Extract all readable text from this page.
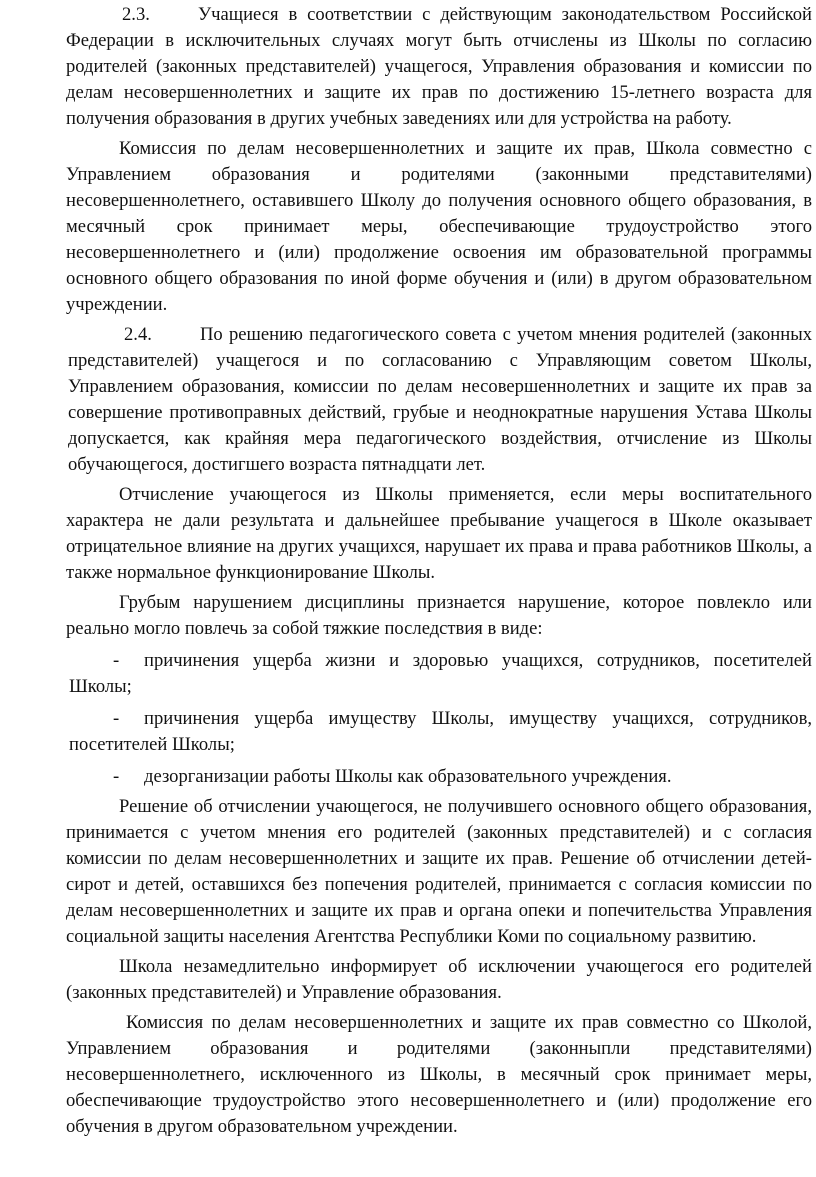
2.3.	Учащиеся в соответствии с действующим законодательством Российской Федерации в исключительных случаях могут быть отчислены из Школы по согласию родителей (законных представителей) учащегося, Управления образования и комиссии по делам несовершеннолетних и защите их прав по достижению 15-летнего возраста для получения образования в других учебных заведениях или для устройства на работу.

Комиссия по делам несовершеннолетних и защите их прав, Школа совместно с Управлением образования и родителями (законными представителями) несовершеннолетнего, оставившего Школу до получения основного общего образования, в месячный срок принимает меры, обеспечивающие трудоустройство этого несовершеннолетнего и (или) продолжение освоения им образовательной программы основного общего образования по иной форме обучения и (или) в другом образовательном учреждении.

2.4.	По решению педагогического совета с учетом мнения родителей (законных представителей) учащегося и по согласованию с Управляющим советом Школы, Управлением образования, комиссии по делам несовершеннолетних и защите их прав за совершение противоправных действий, грубые и неоднократные нарушения Устава Школы допускается, как крайняя мера педагогического воздействия, отчисление из Школы обучающегося, достигшего возраста пятнадцати лет.

Отчисление учающегося из Школы применяется, если меры воспитательного характера не дали результата и дальнейшее пребывание учащегося в Школе оказывает отрицательное влияние на других учащихся, нарушает их права и права работников Школы, а также нормальное функционирование Школы.

Грубым нарушением дисциплины признается нарушение, которое повлекло или реально могло повлечь за собой тяжкие последствия в виде:

-	причинения ущерба жизни и здоровью учащихся, сотрудников, посетителей Школы;

-	причинения ущерба имуществу Школы, имуществу учащихся, сотрудников, посетителей Школы;

-	дезорганизации работы Школы как образовательного учреждения.

Решение об отчислении учающегося, не получившего основного общего образования, принимается с учетом мнения его родителей (законных представителей) и с согласия комиссии по делам несовершеннолетних и защите их прав. Решение об отчислении детей-сирот и детей, оставшихся без попечения родителей, принимается с согласия комиссии по делам несовершеннолетних и защите их прав и органа опеки и попечительства Управления социальной защиты населения Агентства Республики Коми по социальному развитию.

Школа незамедлительно информирует об исключении учающегося его родителей (законных представителей) и Управление образования.

Комиссия по делам несовершеннолетних и защите их прав совместно со Школой, Управлением образования и родителями (законныпли представителями) несовершеннолетнего, исключенного из Школы, в месячный срок принимает меры, обеспечивающие трудоустройство этого несовершеннолетнего и (или) продолжение его обучения в другом образовательном учреждении.
